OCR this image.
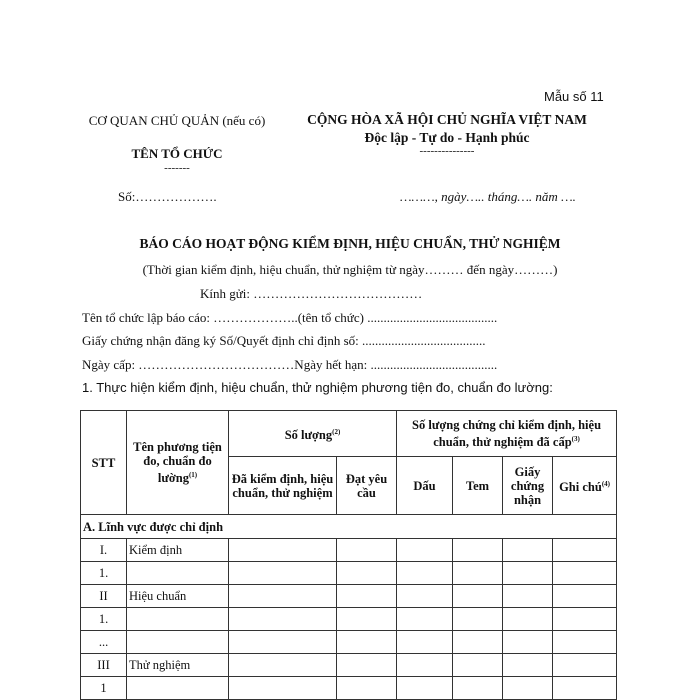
Mẫu số 11
CƠ QUAN CHỦ QUẢN (nếu có)
TÊN TỔ CHỨC
-------
CỘNG HÒA XÃ HỘI CHỦ NGHĨA VIỆT NAM
Độc lập - Tự do - Hạnh phúc
---------------
Số:……………….	………, ngày….. tháng…. năm ….
BÁO CÁO HOẠT ĐỘNG KIỂM ĐỊNH, HIỆU CHUẨN, THỬ NGHIỆM
(Thời gian kiểm định, hiệu chuẩn, thử nghiệm từ ngày……… đến ngày………)
Kính gửi: …………………………………
Tên tổ chức lập báo cáo: ………………..(tên tổ chức) ........................................
Giấy chứng nhận đăng ký Số/Quyết định chỉ định số: ......................................
Ngày cấp: ………………………………Ngày hết hạn: .......................................
1. Thực hiện kiểm định, hiệu chuẩn, thử nghiệm phương tiện đo, chuẩn đo lường:
STT	Tên phương tiện đo, chuẩn đo lường$^{(1)}$	Số lượng$^{(2)}$		Số lượng chứng chỉ kiểm định, hiệu chuẩn, thử nghiệm đã cấp$^{(3)}$
		Đã kiểm định, hiệu chuẩn, thử nghiệm	Đạt yêu cầu	Dấu	Tem	Giấy chứng nhận	Ghi chú$^{(4)}$
A. Lĩnh vực được chỉ định							
I.	Kiểm định						
1.							
II	Hiệu chuẩn						
1.							
...							
III	Thử nghiệm						
1							
